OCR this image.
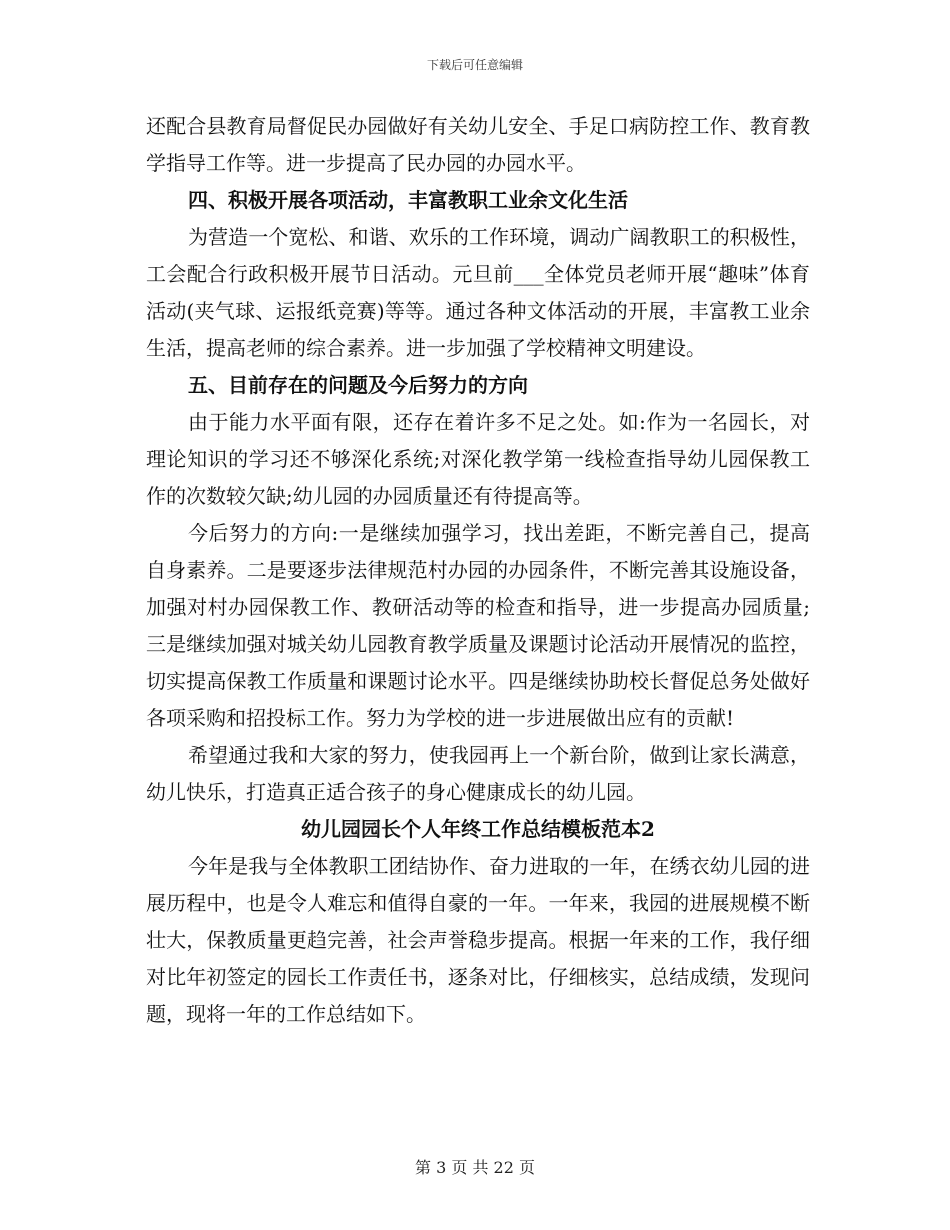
下载后可任意编辑

还配合县教育局督促民办园做好有关幼儿安全、手足口病防控工作、教育教学指导工作等。进一步提高了民办园的办园水平。

四、积极开展各项活动，丰富教职工业余文化生活

为营造一个宽松、和谐、欢乐的工作环境，调动广阔教职工的积极性，工会配合行政积极开展节日活动。元旦前___全体党员老师开展“趣味”体育活动(夹气球、运报纸竞赛)等等。通过各种文体活动的开展，丰富教工业余生活，提高老师的综合素养。进一步加强了学校精神文明建设。

五、目前存在的问题及今后努力的方向

由于能力水平面有限，还存在着许多不足之处。如:作为一名园长，对理论知识的学习还不够深化系统;对深化教学第一线检查指导幼儿园保教工作的次数较欠缺;幼儿园的办园质量还有待提高等。

今后努力的方向:一是继续加强学习，找出差距，不断完善自己，提高自身素养。二是要逐步法律规范村办园的办园条件，不断完善其设施设备，加强对村办园保教工作、教研活动等的检查和指导，进一步提高办园质量;三是继续加强对城关幼儿园教育教学质量及课题讨论活动开展情况的监控，切实提高保教工作质量和课题讨论水平。四是继续协助校长督促总务处做好各项采购和招投标工作。努力为学校的进一步进展做出应有的贡献!

希望通过我和大家的努力，使我园再上一个新台阶，做到让家长满意，幼儿快乐，打造真正适合孩子的身心健康成长的幼儿园。

幼儿园园长个人年终工作总结模板范本2

今年是我与全体教职工团结协作、奋力进取的一年，在绣衣幼儿园的进展历程中，也是令人难忘和值得自豪的一年。一年来，我园的进展规模不断壮大，保教质量更趋完善，社会声誉稳步提高。根据一年来的工作，我仔细对比年初签定的园长工作责任书，逐条对比，仔细核实，总结成绩，发现问题，现将一年的工作总结如下。

第 3 页 共 22 页
